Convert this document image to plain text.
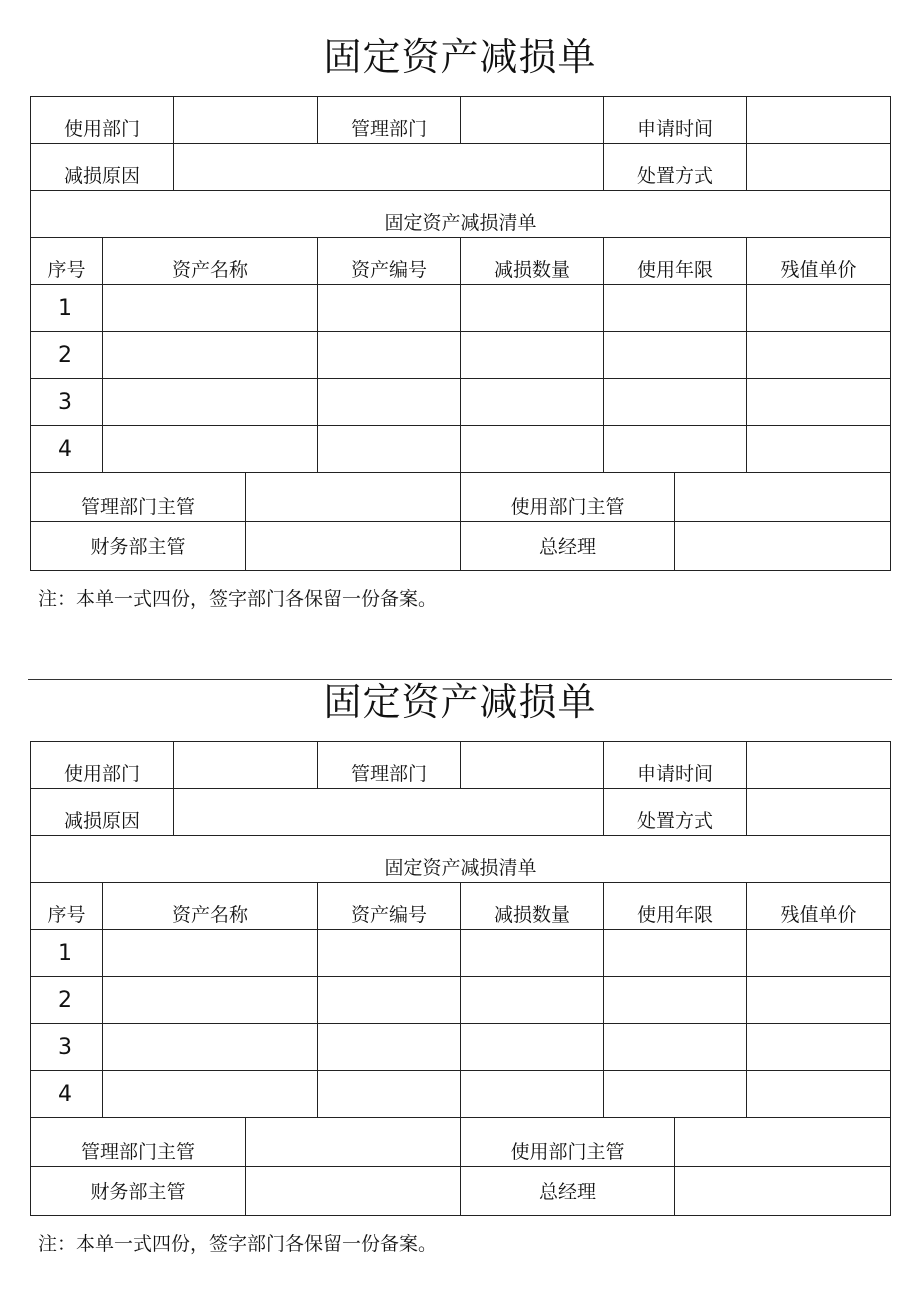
固定资产减损单
使用部门				管理部门		申请时间		
减损原因						处置方式		
固定资产减损清单								
序号	资产名称			资产编号	减损数量	使用年限		残值单价
1								
2								
3								
4								
管理部门主管					使用部门主管			
财务部主管					总经理			
注：本单一式四份，签字部门各保留一份备案。
固定资产减损单
使用部门				管理部门		申请时间		
减损原因						处置方式		
固定资产减损清单								
序号	资产名称			资产编号	减损数量	使用年限		残值单价
1								
2								
3								
4								
管理部门主管					使用部门主管			
财务部主管					总经理			
注：本单一式四份，签字部门各保留一份备案。
